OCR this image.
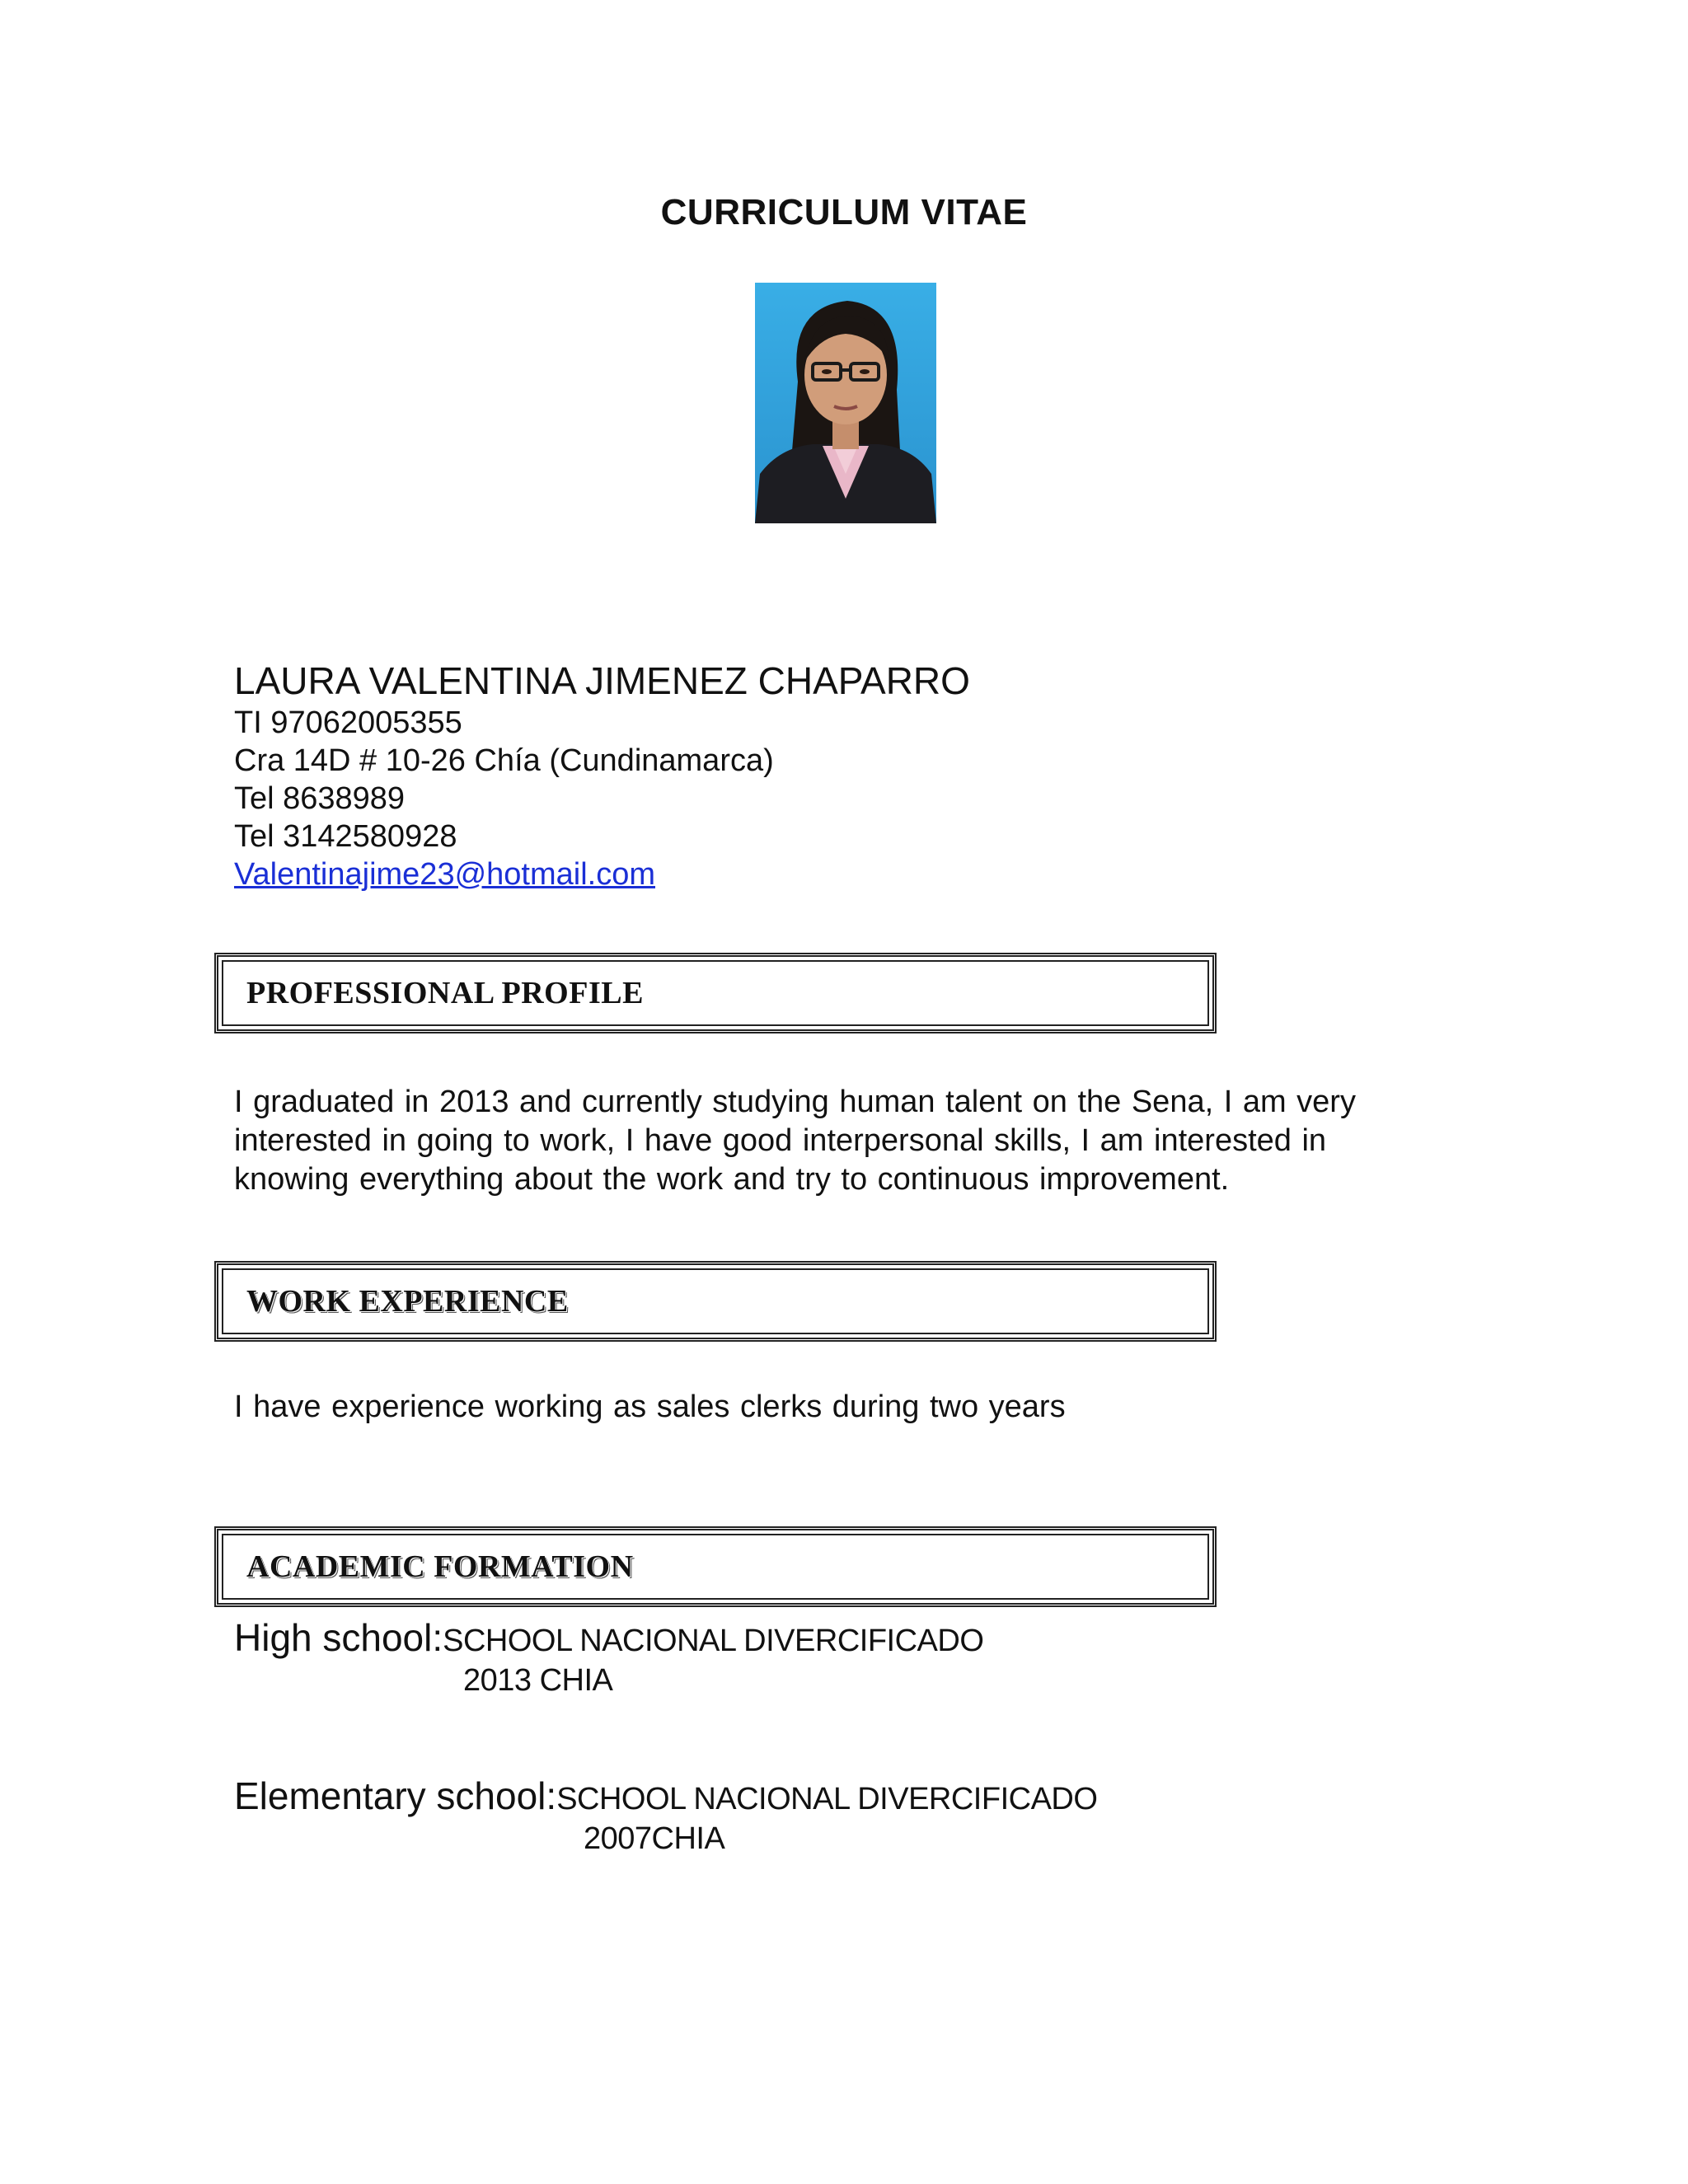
CURRICULUM VITAE
LAURA VALENTINA JIMENEZ CHAPARRO
TI 97062005355
Cra 14D # 10-26 Chía (Cundinamarca)
Tel 8638989
Tel 3142580928
Valentinajime23@hotmail.com
PROFESSIONAL PROFILE
I graduated in 2013 and currently studying human talent on the Sena, I am very
interested in going to work, I have good interpersonal skills, I am interested in
knowing everything about the work and try to continuous improvement.
WORK EXPERIENCE
I have experience working as sales clerks during two years
ACADEMIC FORMATION
High school:SCHOOL NACIONAL DIVERCIFICADO
2013 CHIA
Elementary school:SCHOOL NACIONAL DIVERCIFICADO
2007CHIA
